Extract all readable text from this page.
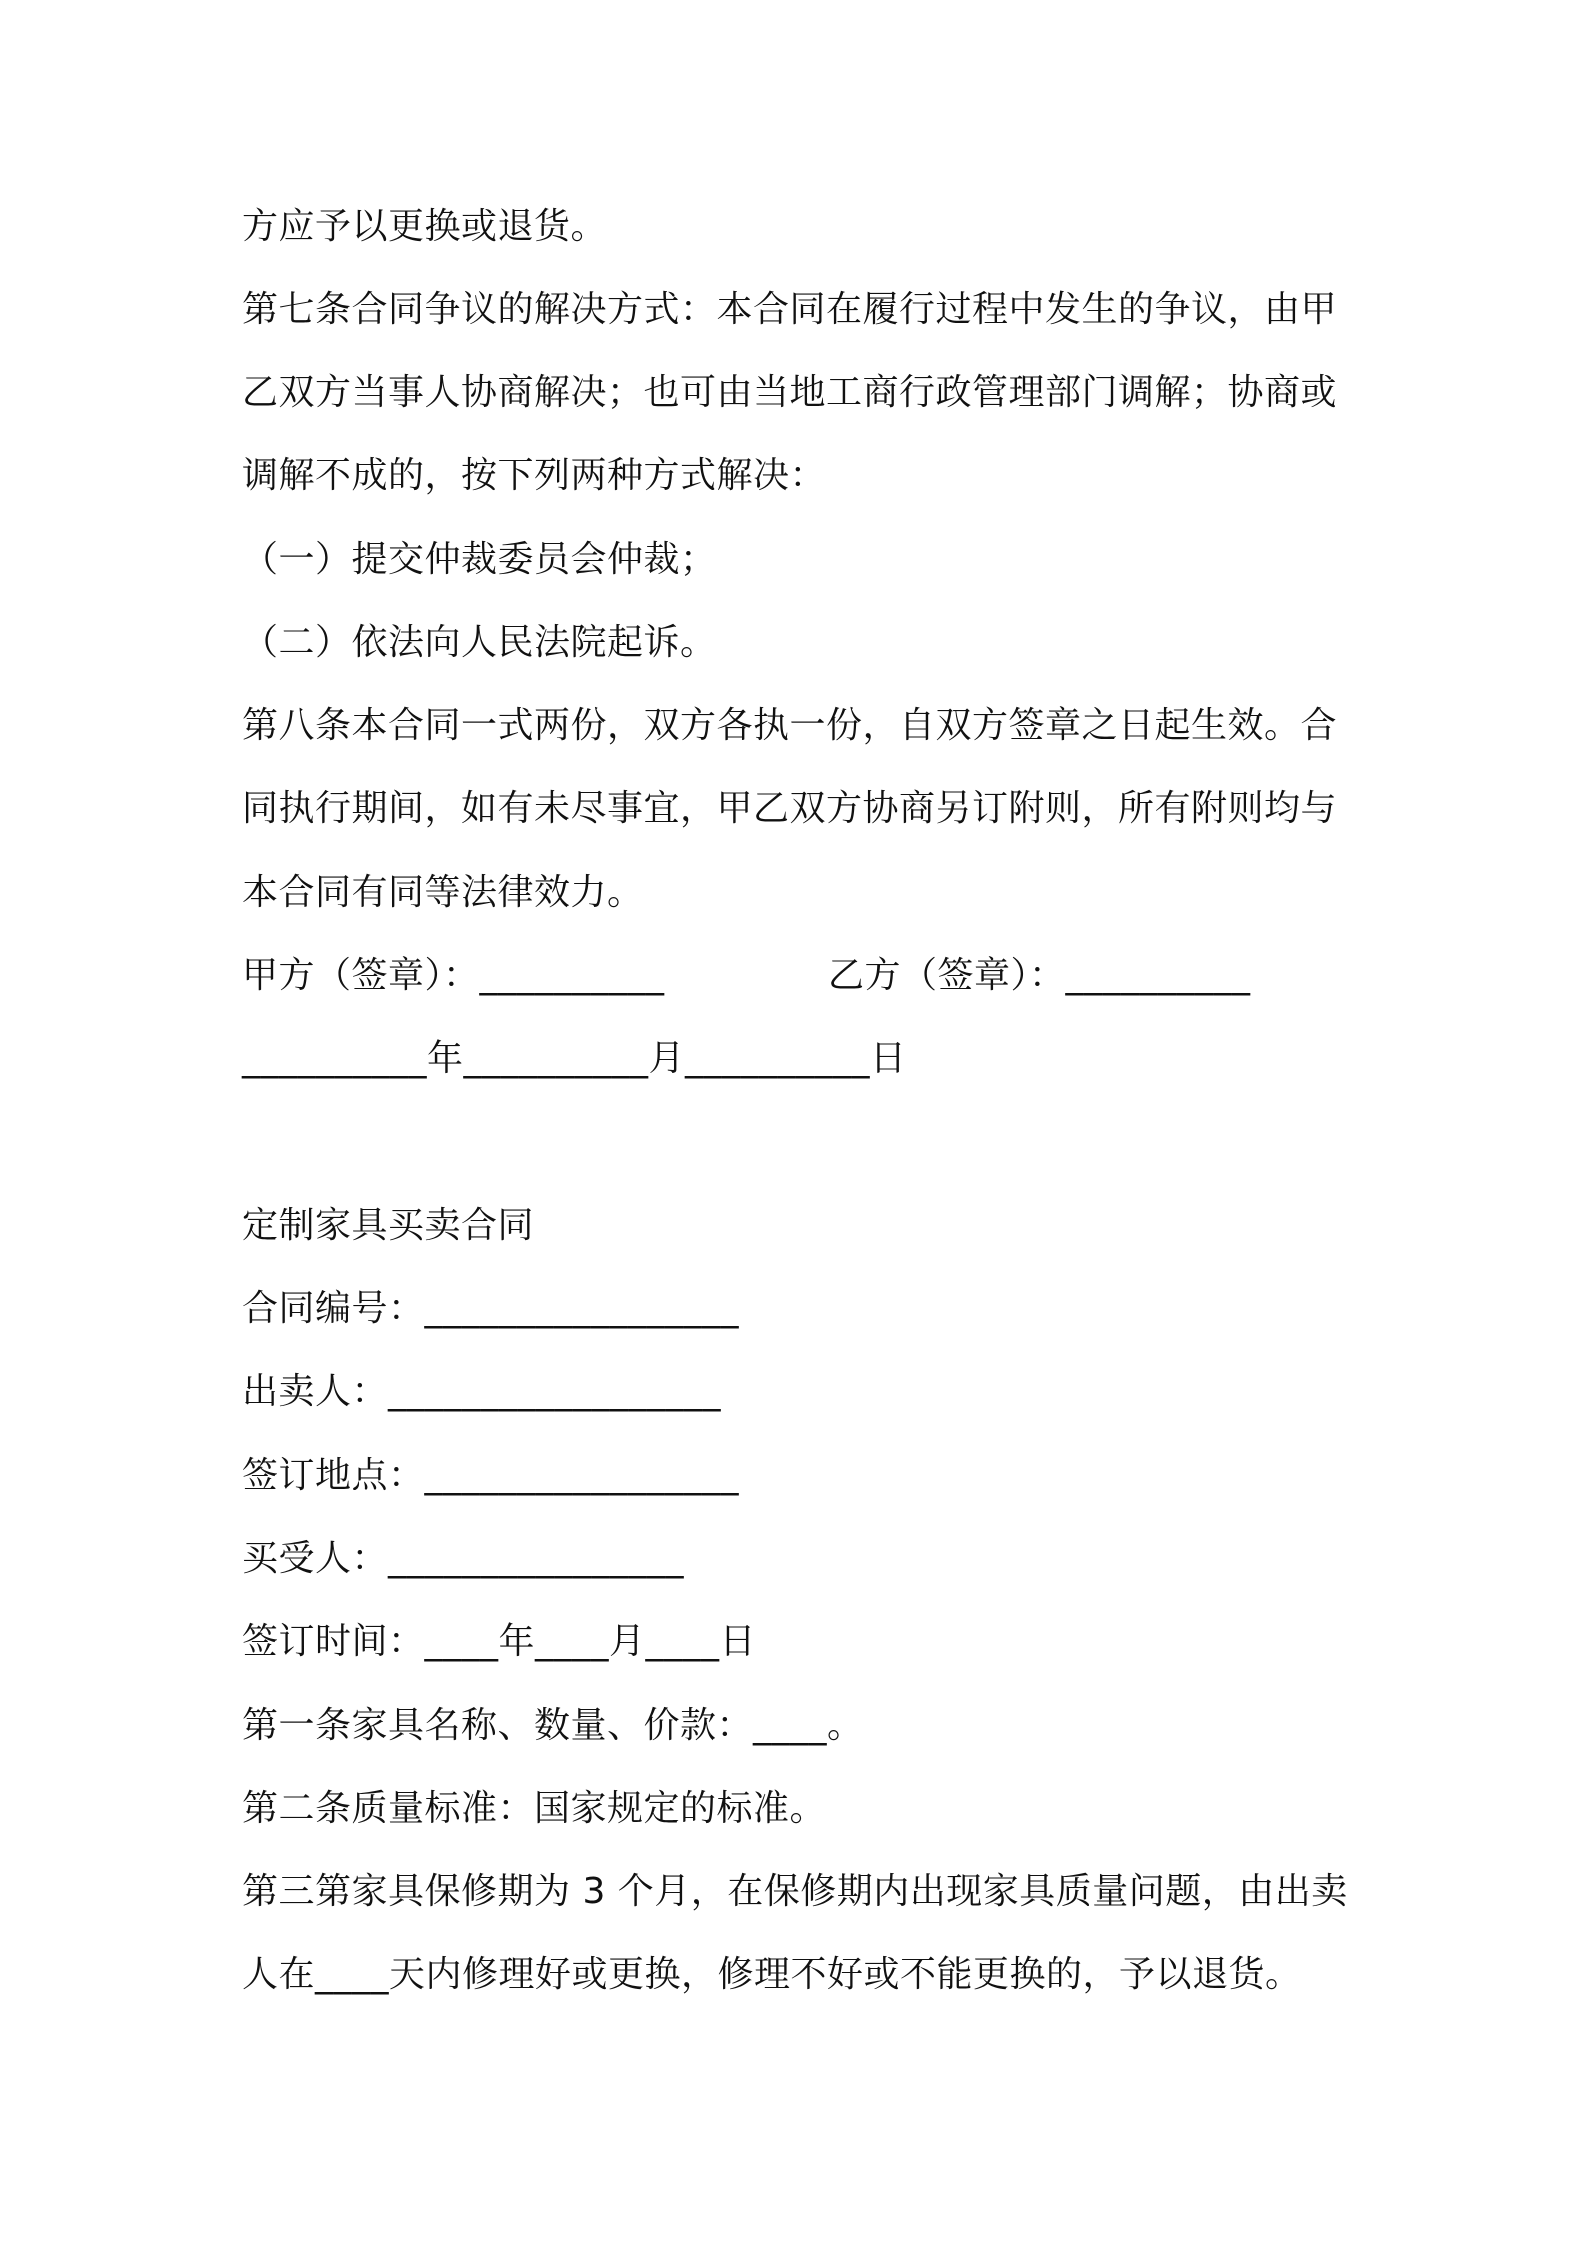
方应予以更换或退货。
第七条合同争议的解决方式：本合同在履行过程中发生的争议，由甲
乙双方当事人协商解决；也可由当地工商行政管理部门调解；协商或
调解不成的，按下列两种方式解决：
（一）提交仲裁委员会仲裁；
（二）依法向人民法院起诉。
第八条本合同一式两份，双方各执一份，自双方签章之日起生效。合
同执行期间，如有未尽事宜，甲乙双方协商另订附则，所有附则均与
本合同有同等法律效力。
甲方（签章）：__________	乙方（签章）：__________
__________年__________月__________日
定制家具买卖合同
合同编号：_________________
出卖人：__________________
签订地点：_________________
买受人：________________
签订时间：____年____月____日
第一条家具名称、数量、价款：____。
第二条质量标准：国家规定的标准。
第三第家具保修期为 3 个月，在保修期内出现家具质量问题，由出卖
人在____天内修理好或更换，修理不好或不能更换的，予以退货。
